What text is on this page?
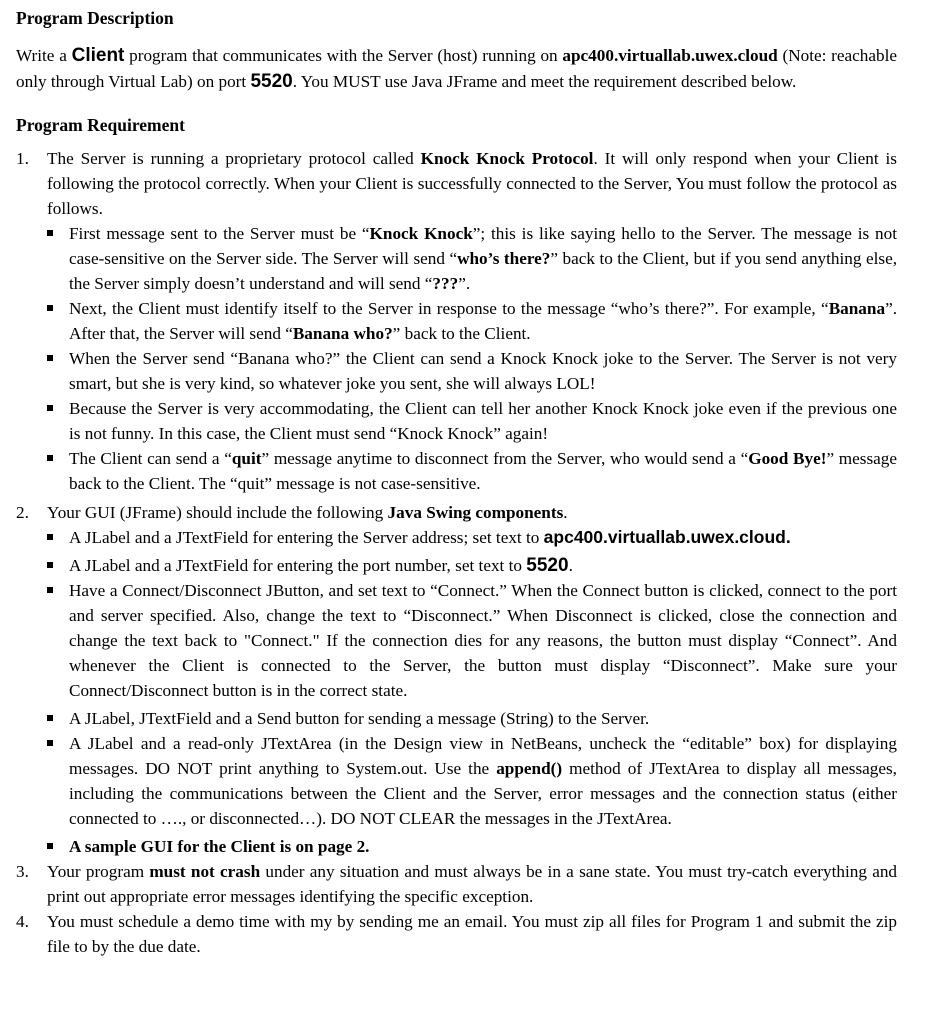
Program Description

Write a Client program that communicates with the Server (host) running on apc400.virtuallab.uwex.cloud (Note: reachable only through Virtual Lab) on port 5520. You MUST use Java JFrame and meet the requirement described below.

Program Requirement
1. The Server is running a proprietary protocol called Knock Knock Protocol. It will only respond when your Client is following the protocol correctly. When your Client is successfully connected to the Server, You must follow the protocol as follows.
First message sent to the Server must be “Knock Knock”; this is like saying hello to the Server. The message is not case-sensitive on the Server side. The Server will send “who’s there?” back to the Client, but if you send anything else, the Server simply doesn’t understand and will send “???”.
Next, the Client must identify itself to the Server in response to the message “who’s there?”. For example, “Banana”. After that, the Server will send “Banana who?” back to the Client.
When the Server send “Banana who?” the Client can send a Knock Knock joke to the Server. The Server is not very smart, but she is very kind, so whatever joke you sent, she will always LOL!
Because the Server is very accommodating, the Client can tell her another Knock Knock joke even if the previous one is not funny. In this case, the Client must send “Knock Knock” again!
The Client can send a “quit” message anytime to disconnect from the Server, who would send a “Good Bye!” message back to the Client. The “quit” message is not case-sensitive.
2. Your GUI (JFrame) should include the following Java Swing components.
A JLabel and a JTextField for entering the Server address; set text to apc400.virtuallab.uwex.cloud.
A JLabel and a JTextField for entering the port number, set text to 5520.
Have a Connect/Disconnect JButton, and set text to “Connect.” When the Connect button is clicked, connect to the port and server specified. Also, change the text to “Disconnect.” When Disconnect is clicked, close the connection and change the text back to "Connect." If the connection dies for any reasons, the button must display “Connect”. And whenever the Client is connected to the Server, the button must display “Disconnect”. Make sure your Connect/Disconnect button is in the correct state.
A JLabel, JTextField and a Send button for sending a message (String) to the Server.
A JLabel and a read-only JTextArea (in the Design view in NetBeans, uncheck the “editable” box) for displaying messages. DO NOT print anything to System.out. Use the append() method of JTextArea to display all messages, including the communications between the Client and the Server, error messages and the connection status (either connected to …., or disconnected…). DO NOT CLEAR the messages in the JTextArea.
A sample GUI for the Client is on page 2.
3. Your program must not crash under any situation and must always be in a sane state. You must try-catch everything and print out appropriate error messages identifying the specific exception.
4. You must schedule a demo time with my by sending me an email. You must zip all files for Program 1 and submit the zip file to by the due date.
